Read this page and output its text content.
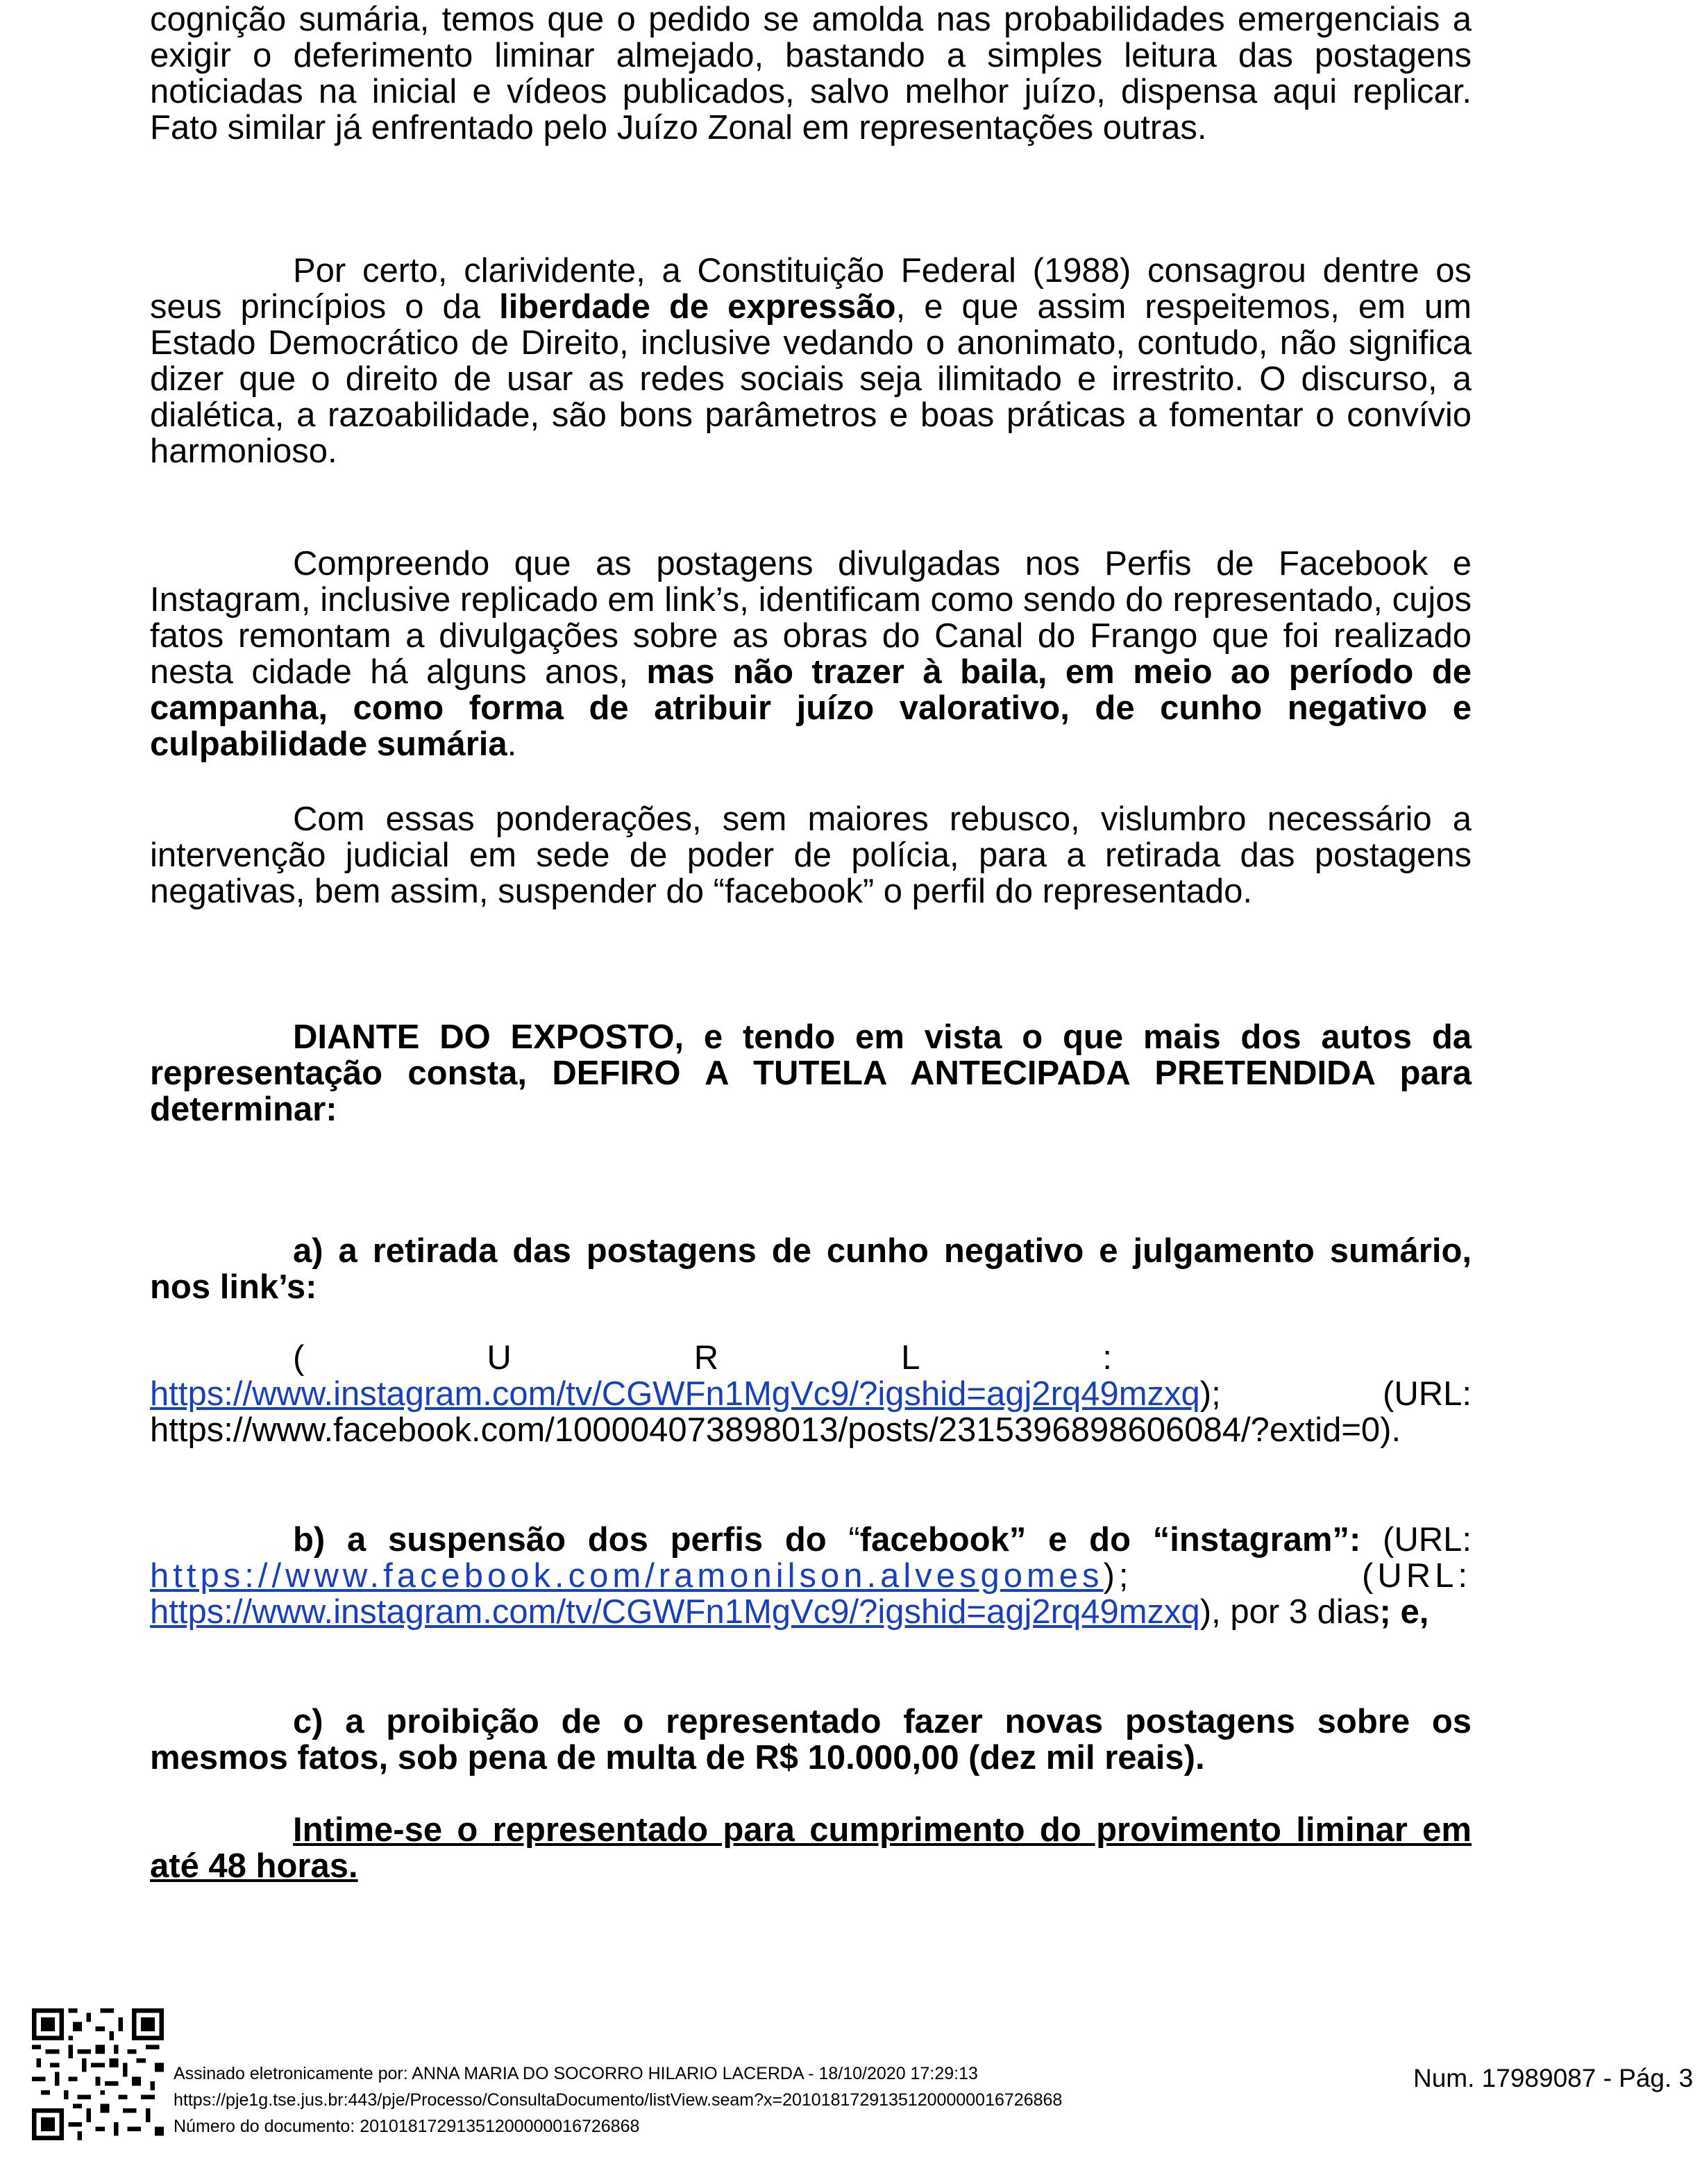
cognição sumária, temos que o pedido se amolda nas probabilidades emergenciais a exigir o deferimento liminar almejado, bastando a simples leitura das postagens noticiadas na inicial e vídeos publicados, salvo melhor juízo, dispensa aqui replicar. Fato similar já enfrentado pelo Juízo Zonal em representações outras.

Por certo, clarividente, a Constituição Federal (1988) consagrou dentre os seus princípios o da liberdade de expressão, e que assim respeitemos, em um Estado Democrático de Direito, inclusive vedando o anonimato, contudo, não significa dizer que o direito de usar as redes sociais seja ilimitado e irrestrito. O discurso, a dialética, a razoabilidade, são bons parâmetros e boas práticas a fomentar o convívio harmonioso.

Compreendo que as postagens divulgadas nos Perfis de Facebook e Instagram, inclusive replicado em link’s, identificam como sendo do representado, cujos fatos remontam a divulgações sobre as obras do Canal do Frango que foi realizado nesta cidade há alguns anos, mas não trazer à baila, em meio ao período de campanha, como forma de atribuir juízo valorativo, de cunho negativo e culpabilidade sumária.

Com essas ponderações, sem maiores rebusco, vislumbro necessário a intervenção judicial em sede de poder de polícia, para a retirada das postagens negativas, bem assim, suspender do “facebook” o perfil do representado.

DIANTE DO EXPOSTO, e tendo em vista o que mais dos autos da representação consta, DEFIRO A TUTELA ANTECIPADA PRETENDIDA para determinar:

a) a retirada das postagens de cunho negativo e julgamento sumário, nos link’s:

(	U	R	L	:
https://www.instagram.com/tv/CGWFn1MgVc9/?igshid=agj2rq49mzxq); (URL: https://www.facebook.com/100004073898013/posts/2315396898606084/?extid=0).

b) a suspensão dos perfis do “facebook” e do “instagram”: (URL: https://www.facebook.com/ramonilson.alvesgomes); (URL: https://www.instagram.com/tv/CGWFn1MgVc9/?igshid=agj2rq49mzxq), por 3 dias; e,

c) a proibição de o representado fazer novas postagens sobre os mesmos fatos, sob pena de multa de R$ 10.000,00 (dez mil reais).

Intime-se o representado para cumprimento do provimento liminar em até 48 horas.

Assinado eletronicamente por: ANNA MARIA DO SOCORRO HILARIO LACERDA - 18/10/2020 17:29:13
https://pje1g.tse.jus.br:443/pje/Processo/ConsultaDocumento/listView.seam?x=20101817291351200000016726868
Número do documento: 20101817291351200000016726868
Num. 17989087 - Pág. 3
